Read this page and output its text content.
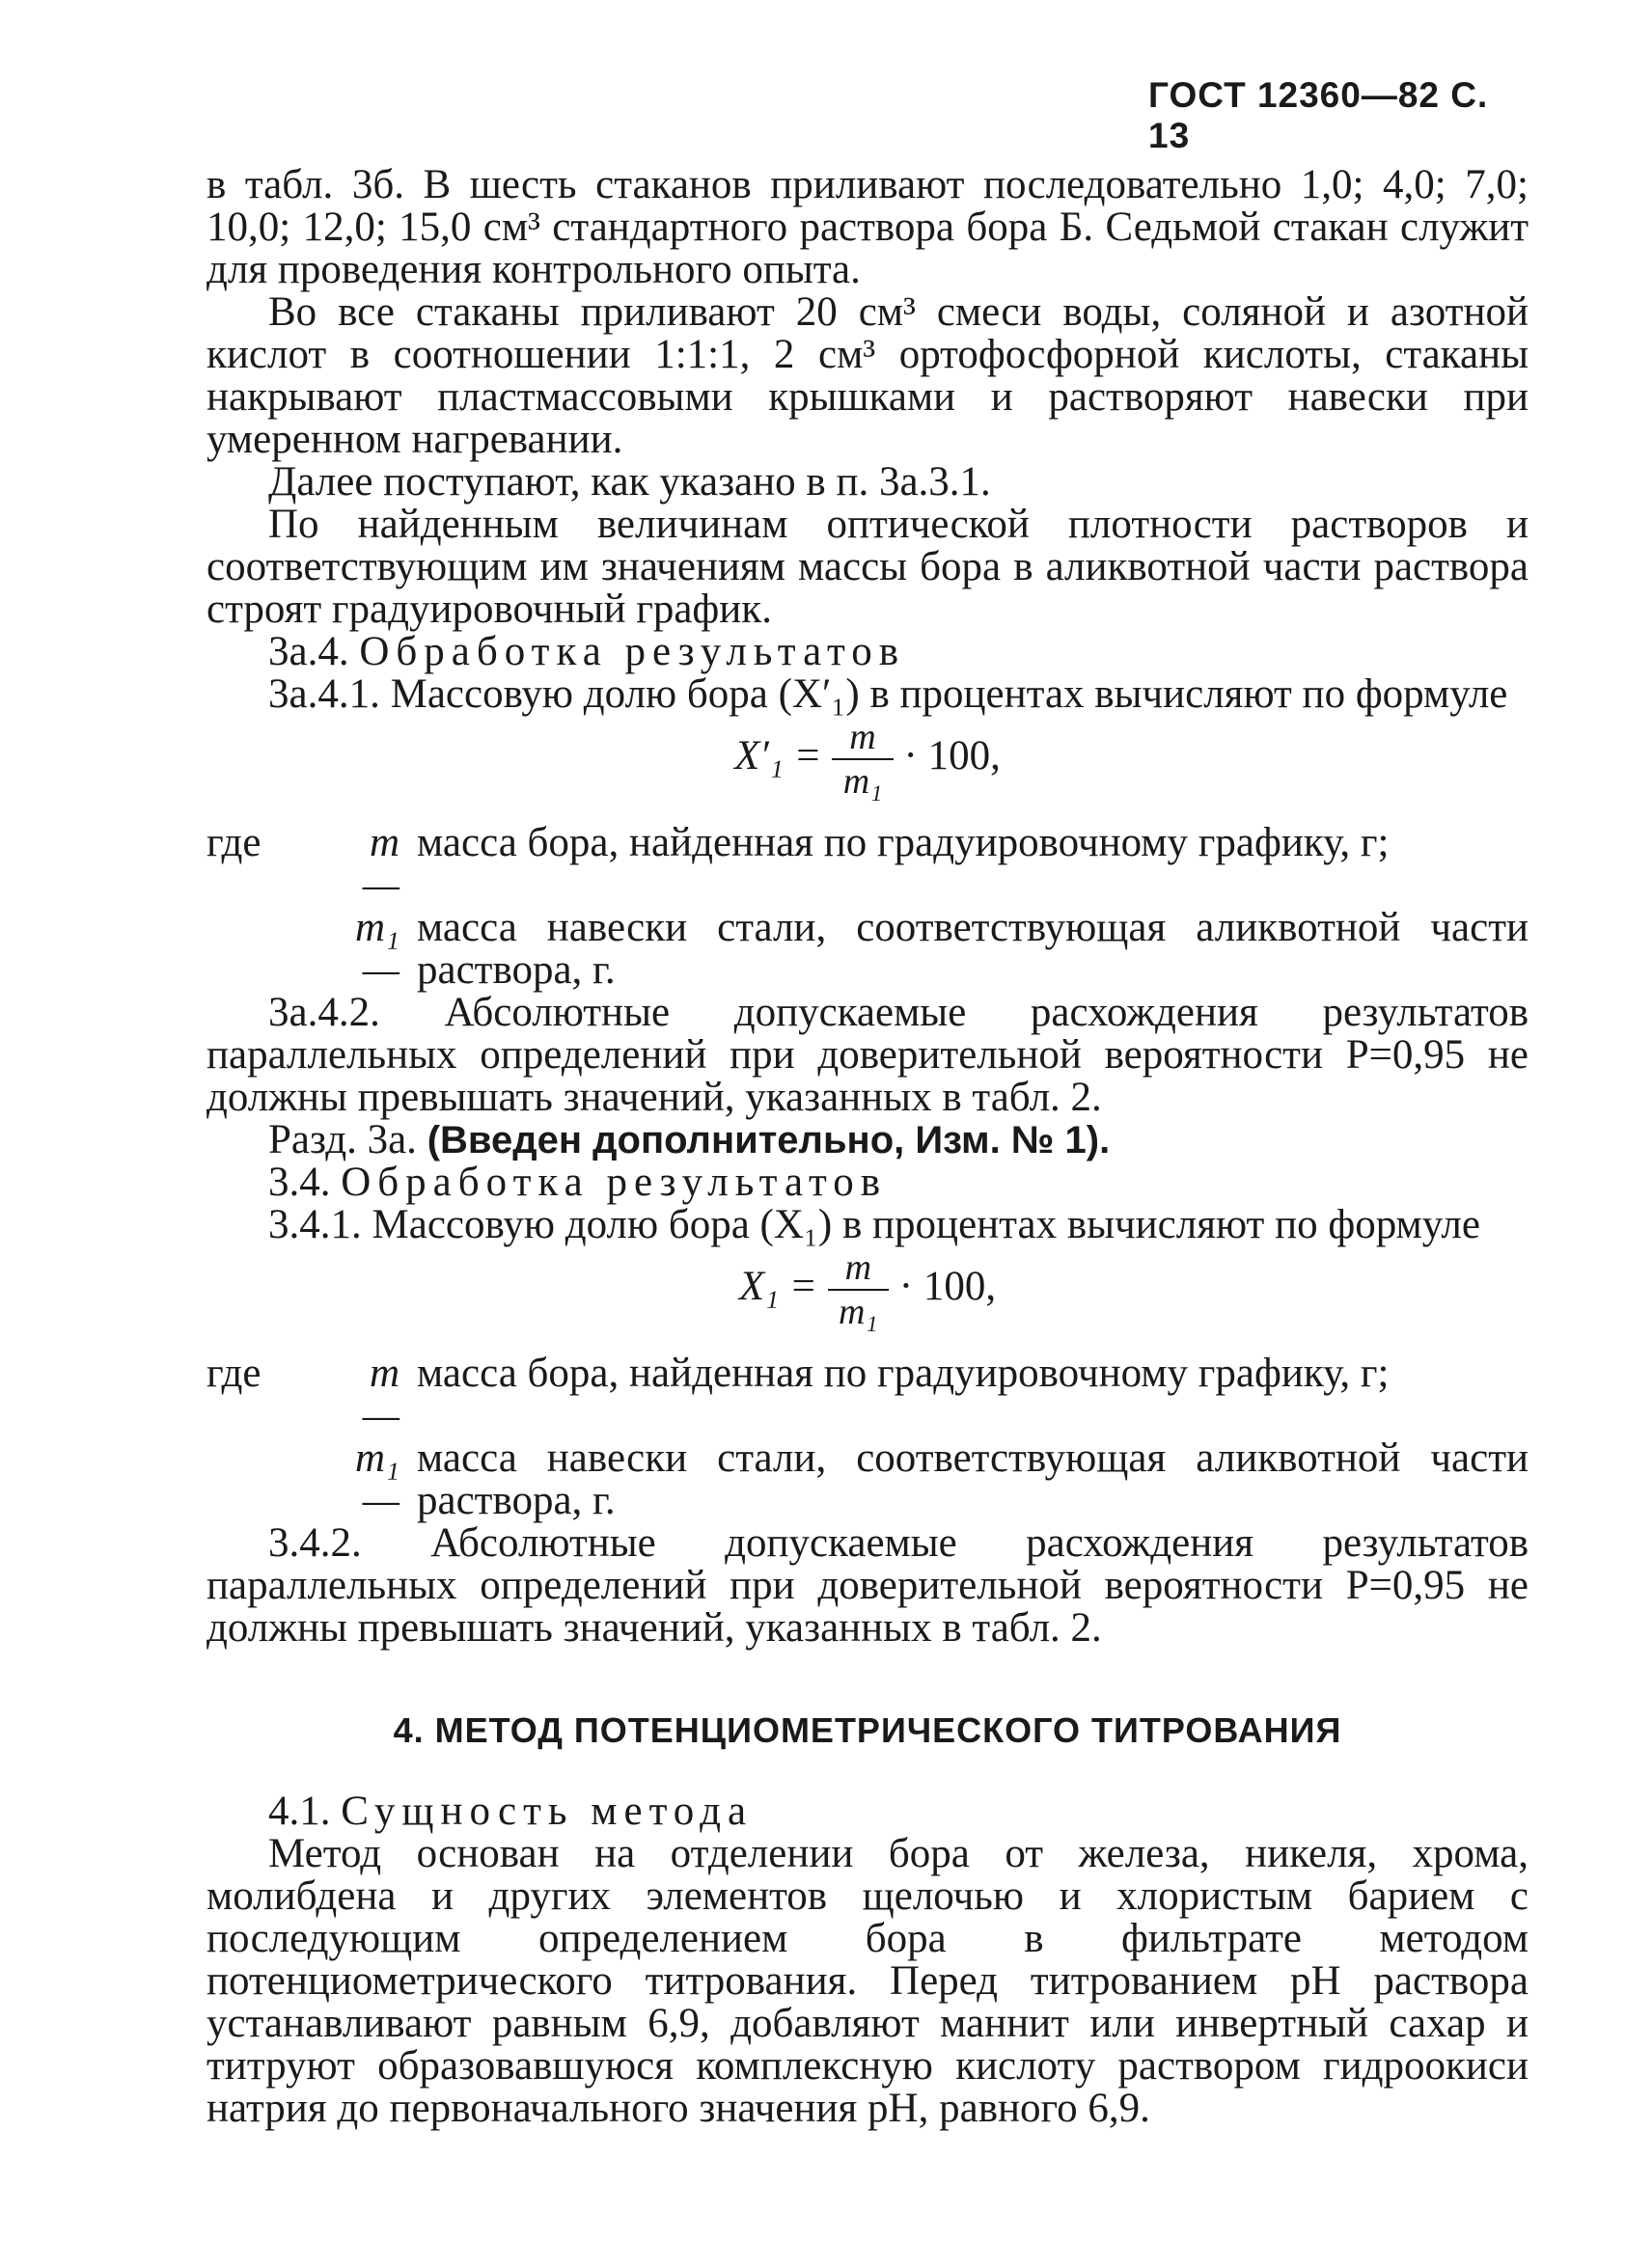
ГОСТ 12360—82 С. 13

в табл. 3б. В шесть стаканов приливают последовательно 1,0; 4,0; 7,0; 10,0; 12,0; 15,0 см³ стандартного раствора бора Б. Седьмой стакан служит для проведения контрольного опыта.

Во все стаканы приливают 20 см³ смеси воды, соляной и азотной кислот в соотношении 1:1:1, 2 см³ ортофосфорной кислоты, стаканы накрывают пластмассовыми крышками и растворяют навески при умеренном нагревании.

Далее поступают, как указано в п. 3а.3.1.

По найденным величинам оптической плотности растворов и соответствующим им значениям массы бора в аликвотной части раствора строят градуировочный график.

3а.4. Обработка результатов

3а.4.1. Массовую долю бора (X′₁) в процентах вычисляют по формуле

$X'_1 = \frac{m}{\text{m₁}} \cdot 100$,
где	m —
масса бора, найденная по градуировочному графику, г;
m₁ —
масса навески стали, соответствующая аликвотной части раствора, г.

3а.4.2. Абсолютные допускаемые расхождения результатов параллельных определений при доверительной вероятности P=0,95 не должны превышать значений, указанных в табл. 2.

Разд. 3а. (Введен дополнительно, Изм. № 1).

3.4. Обработка результатов

3.4.1. Массовую долю бора (X₁) в процентах вычисляют по формуле

$X_1 = \frac{m}{\text{m₁}} \cdot 100$,
где	m —
масса бора, найденная по градуировочному графику, г;
m₁ —
масса навески стали, соответствующая аликвотной части раствора, г.

3.4.2. Абсолютные допускаемые расхождения результатов параллельных определений при доверительной вероятности P=0,95 не должны превышать значений, указанных в табл. 2.

4. МЕТОД ПОТЕНЦИОМЕТРИЧЕСКОГО ТИТРОВАНИЯ

4.1. Сущность метода

Метод основан на отделении бора от железа, никеля, хрома, молибдена и других элементов щелочью и хлористым барием с последующим определением бора в фильтрате методом потенциометрического титрования. Перед титрованием pH раствора устанавливают равным 6,9, добавляют маннит или инвертный сахар и титруют образовавшуюся комплексную кислоту раствором гидроокиси натрия до первоначального значения pH, равного 6,9.
